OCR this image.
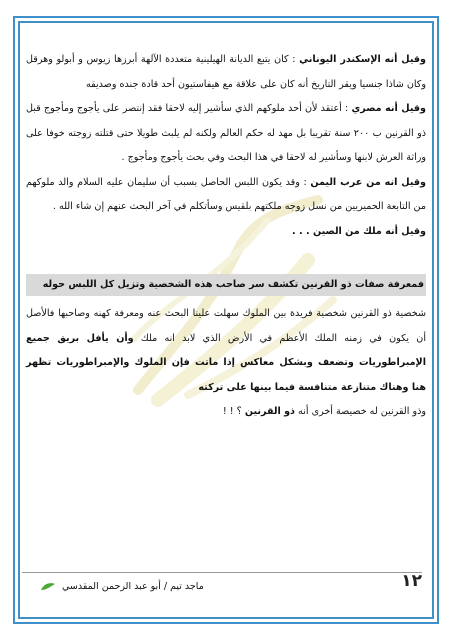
وقيل أنه الإسكندر اليوناني : كان يتبع الديانة الهيلينية متعددة الآلهة أبرزها زيوس و أبولو وهرقل وكان شاذا جنسيا ويقر التاريخ أنه كان على علاقة مع هيفاستيون أحد قادة جنده وصديقه

وقيل أنه مصري : أعتقد لأن أحد ملوكهم الذي سأشير إليه لاحقا فقد إنتصر على يأجوج ومأجوج قبل ذو القرنين ب ٢٠٠ سنة تقريبا بل مهد له حكم العالم ولكنه لم يلبث طويلا حتى قتلته زوجته خوفا على وراثة العرش لابنها وسأشير له لاحقا في هذا البحث وفي بحث يأجوج ومأجوج .

وقيل انه من عرب اليمن : وقد يكون اللبس الحاصل بسبب أن سليمان عليه السلام والد ملوكهم من التابعة الحميريين من نسل زوجه ملكتهم بلقيس وسأتكلم في آخر البحث عنهم إن شاء الله .

وقيل أنه ملك من الصين . . .

فمعرفة صفات ذو القرنين تكشف سر صاحب هذه الشخصية وتزيل كل اللبس حوله

شخصية ذو القرنين شخصية فريدة بين الملوك سهلت علينا البحث عنه ومعرفة كهنه وصاحبها فالأصل أن يكون في زمنه الملك الأعظم في الأرض الذي لابد انه ملك وأن يأفل بريق جميع الإمبراطوريات وتضعف وبشكل معاكس إذا ماتت فإن الملوك والإمبراطوريات تظهر هنا وهناك متنازعة متنافسة فيما بينها على تركته

وذو القرنين له خصيصة أخرى أنه ذو القرنين ؟ ! !

١٢
ماجد تيم / أبو عبد الرحمن المقدسي
